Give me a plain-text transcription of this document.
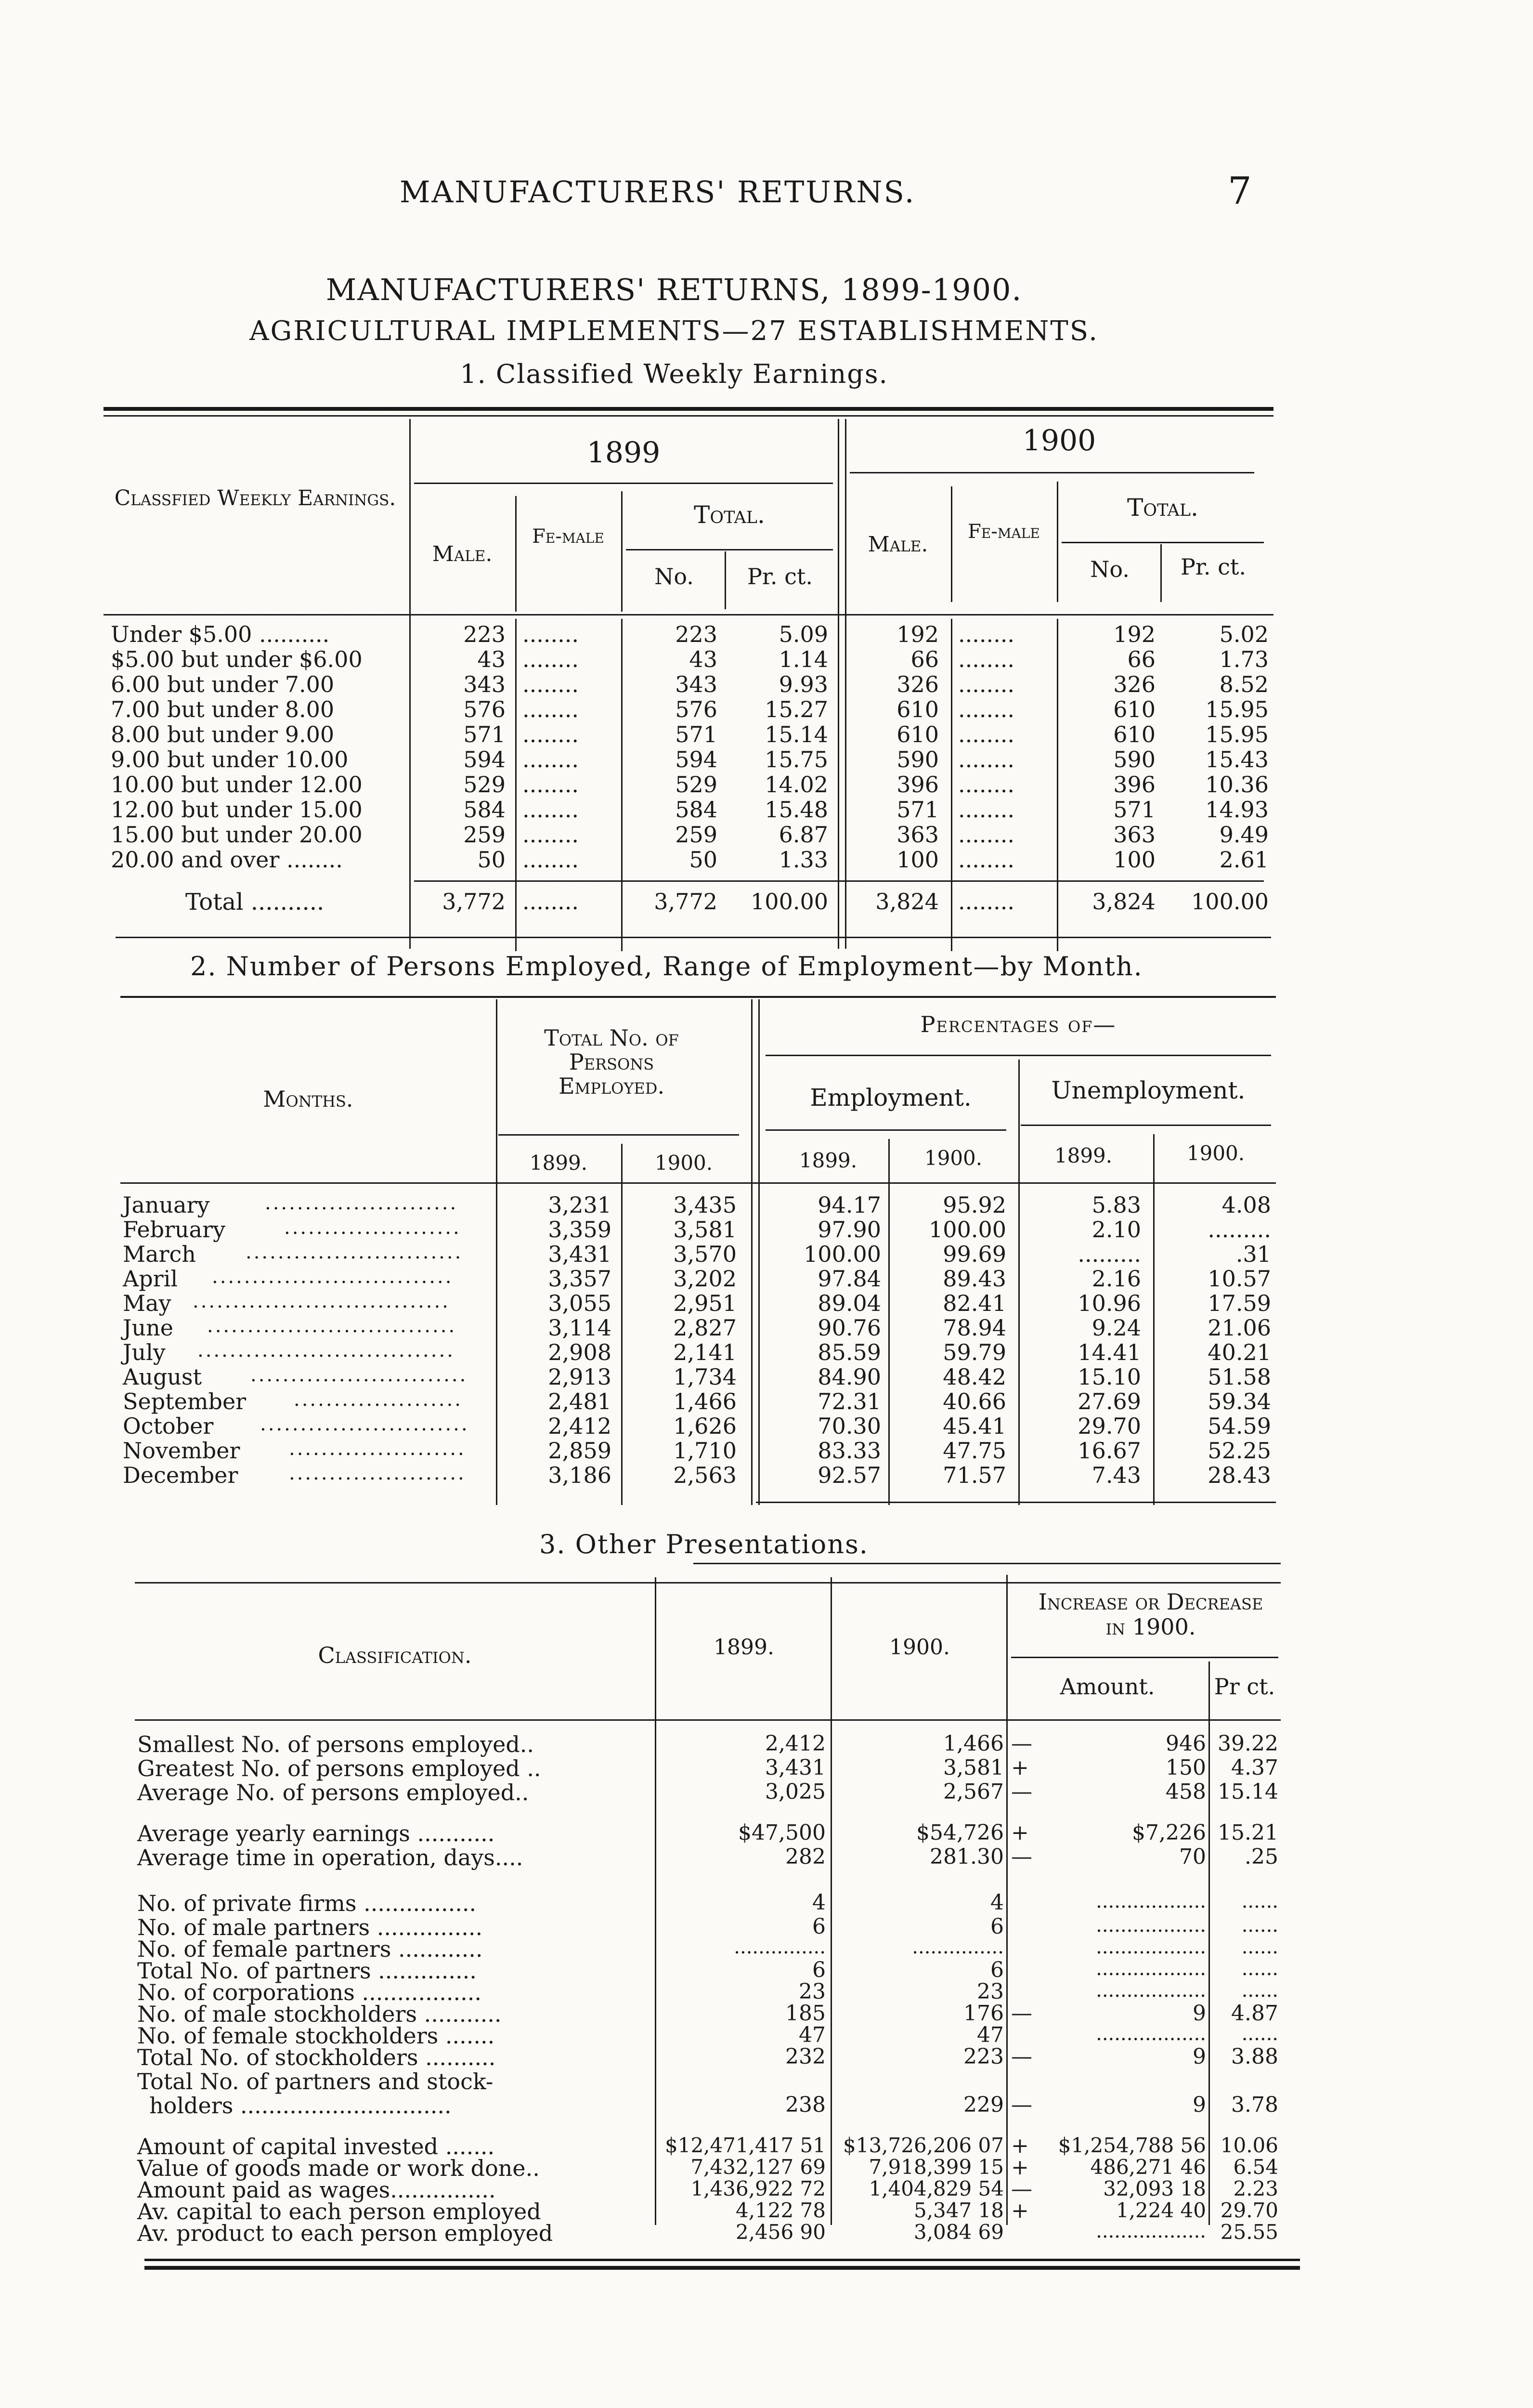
MANUFACTURERS' RETURNS.	7
MANUFACTURERS' RETURNS, 1899-1900.
AGRICULTURAL IMPLEMENTS—27 ESTABLISHMENTS.
1. Classified Weekly Earnings.
Classfied Weekly Earnings.
1899	1900
Male.
Fe-male
Total.
No.	Pr. ct.
Male.
Fe-male
Total.
No.	Pr. ct.
Under $5.00 ..........	223 ........	223	5.09	192 ........	192	5.02
$5.00 but under $6.00	43 ........	43	1.14	66 ........	66	1.73
6.00 but under 7.00	343 ........	343	9.93	326 ........	326	8.52
7.00 but under 8.00	576 ........	576	15.27	610 ........	610	15.95
8.00 but under 9.00	571 ........	571	15.14	610 ........	610	15.95
9.00 but under 10.00	594 ........	594	15.75	590 ........	590	15.43
10.00 but under 12.00	529 ........	529	14.02	396 ........	396	10.36
12.00 but under 15.00	584 ........	584	15.48	571 ........	571	14.93
15.00 but under 20.00	259 ........	259	6.87	363 ........	363	9.49
20.00 and over ........	50 ........	50	1.33	100 ........	100	2.61
Total ..........	3,772 ........	3,772	100.00	3,824 ........	3,824	100.00
2. Number of Persons Employed, Range of Employment—by Month.
Months.
Total No. of Persons Employed.
Percentages of—
Employment.	Unemployment.
1899.	1900.	1899.	1900.	1899.	1900.
January	........................	3,231	3,435	94.17	95.92	5.83	4.08
February	......................	3,359	3,581	97.90	100.00	2.10	.........
March	...........................	3,431	3,570	100.00	99.69	.........	.31
April ..............................	3,357	3,202	97.84	89.43	2.16	10.57
May ................................	3,055	2,951	89.04	82.41	10.96	17.59
June ...............................	3,114	2,827	90.76	78.94	9.24	21.06
July ................................	2,908	2,141	85.59	59.79	14.41	40.21
August	...........................	2,913	1,734	84.90	48.42	15.10	51.58
September .....................	2,481	1,466	72.31	40.66	27.69	59.34
October ..........................	2,412	1,626	70.30	45.41	29.70	54.59
November	......................	2,859	1,710	83.33	47.75	16.67	52.25
December	......................	3,186	2,563	92.57	71.57	7.43	28.43
3. Other Presentations.
Classification.	1899.	1900.
Increase or Decrease in 1900.
Amount.	Pr ct.
Smallest No. of persons employed..	2,412	1,466 —	946 39.22
Greatest No. of persons employed ..	3,431	3,581 +	150	4.37
Average No. of persons employed..	3,025	2,567 —	458 15.14
Average yearly earnings ...........	$47,500	$54,726 +	$7,226 15.21
Average time in operation, days....	282	281.30 —	70	.25
No. of private firms ................	4	4	..................	......
No. of male partners ...............	6	6	..................	......
No. of female partners ............	...............	...............	..................	......
Total No. of partners ..............	6	6	..................	......
No. of corporations .................	23	23	..................	......
No. of male stockholders ...........	185	176 —	9	4.87
No. of female stockholders .......	47	47	..................	......
Total No. of stockholders ..........	232	223 —	9	3.88
Total No. of partners and stock-
holders ..............................	238	229 —	9	3.78
Amount of capital invested .......	$12,471,417 51 $13,726,206 07 +	$1,254,788 56 10.06
Value of goods made or work done..	7,432,127 69	7,918,399 15 +	486,271 46	6.54
Amount paid as wages...............	1,436,922 72	1,404,829 54 —	32,093 18	2.23
Av. capital to each person employed	4,122 78	5,347 18 +	1,224 40 29.70
Av. product to each person employed	2,456 90	3,084 69	.................. 25.55
